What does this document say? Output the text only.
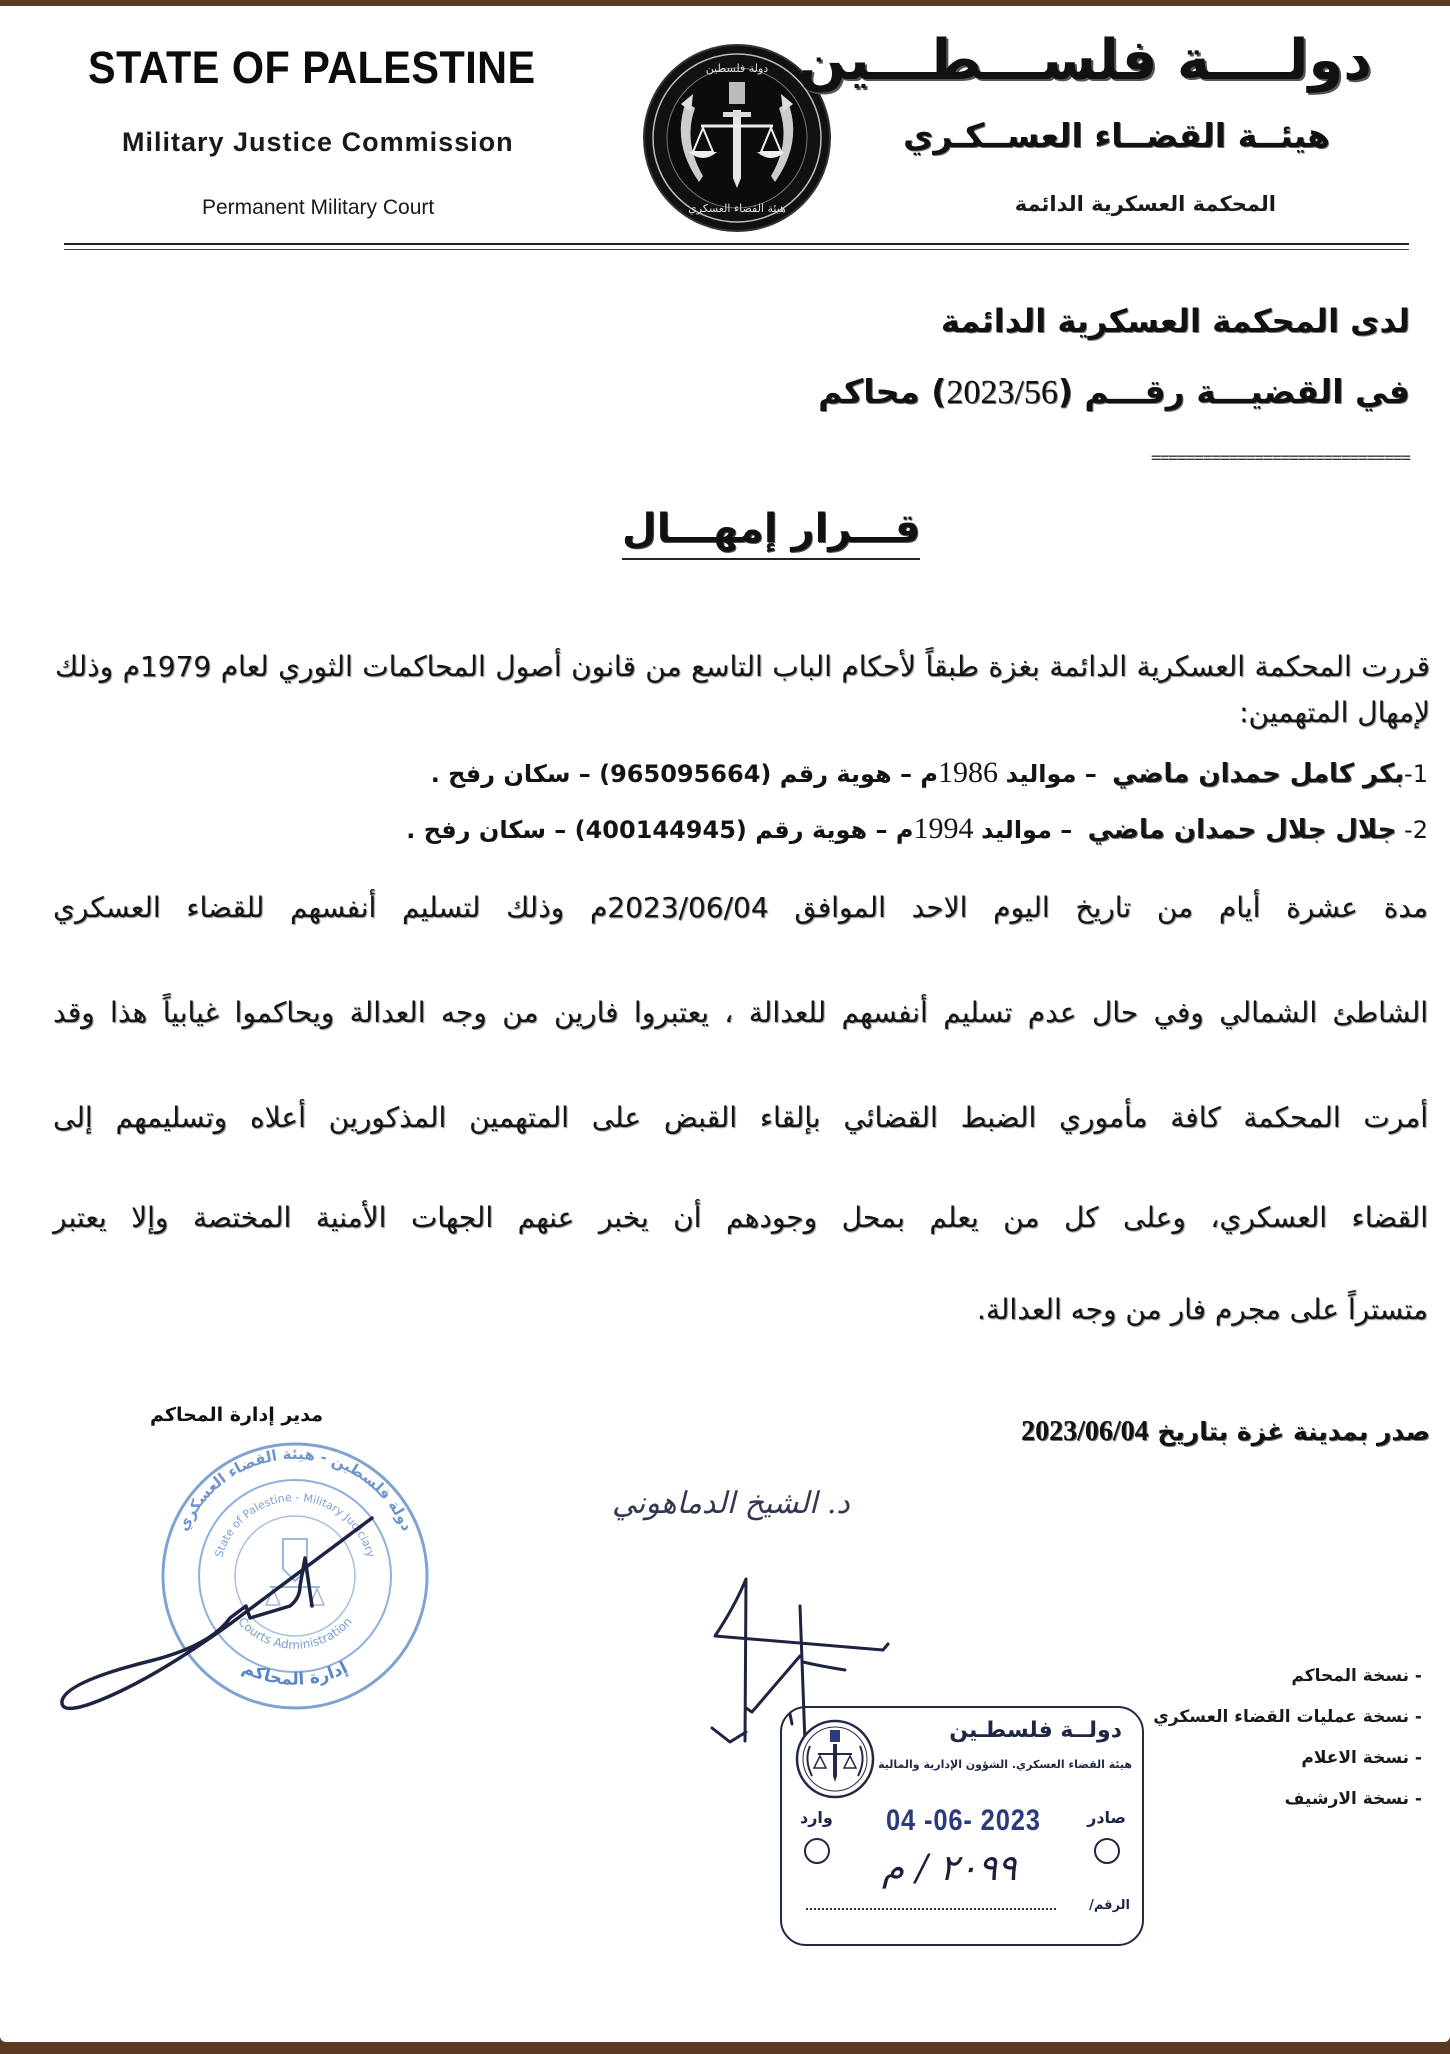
STATE OF PALESTINE
Military Justice Commission
Permanent Military Court
دولة فلسطين
هيئة القضاء العسكري
دولــــة فلســـطـــين
هيئــة القضــاء العســكـري
المحكمة العسكرية الدائمة
لدى المحكمة العسكرية الدائمة
في القضيـــة رقـــم (2023/56) محاكم
==============================
قـــرار إمهـــال
قررت المحكمة العسكرية الدائمة بغزة طبقاً لأحكام الباب التاسع من قانون أصول المحاكمات الثوري لعام 1979م وذلك لإمهال المتهمين:
1-بكر كامل حمدان ماضي  – مواليد 1986م – هوية رقم (965095664) – سكان رفح .
2- جلال جلال حمدان ماضي  – مواليد 1994م – هوية رقم (400144945) – سكان رفح .
مدة عشرة أيام من تاريخ اليوم الاحد الموافق 2023/06/04م وذلك لتسليم أنفسهم للقضاء العسكري
الشاطئ الشمالي وفي حال عدم تسليم أنفسهم للعدالة ، يعتبروا فارين من وجه العدالة ويحاكموا غيابياً هذا وقد
أمرت المحكمة كافة مأموري الضبط القضائي بإلقاء القبض على المتهمين المذكورين أعلاه وتسليمهم إلى
القضاء العسكري، وعلى كل من يعلم بمحل وجودهم أن يخبر عنهم الجهات الأمنية المختصة وإلا يعتبر
متستراً على مجرم فار من وجه العدالة.
صدر بمدينة غزة بتاريخ 2023/06/04
مدير إدارة المحاكم
دولة فلسطين - هيئة القضاء العسكري
State of Palestine - Military Judiciary
Courts Administration
إدارة المحاكم
د. الشيخ الدماهوني
- نسخة المحاكم
- نسخة عمليات القضاء العسكري
- نسخة الاعلام
- نسخة الارشيف
دولــة فلسطـين
هيئة القضاء العسكري. الشؤون الإدارية والمالية
وارد 04 -06- 2023	صادر
٢٠٩٩ / م
الرقم/
